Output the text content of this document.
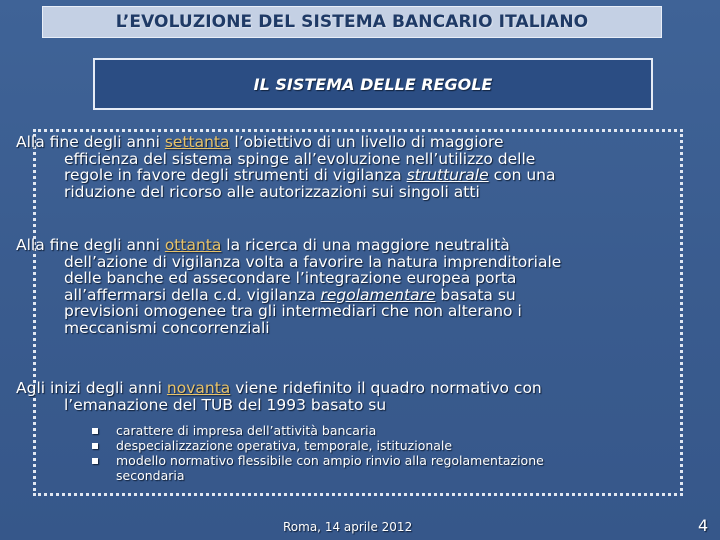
L’EVOLUZIONE DEL SISTEMA BANCARIO ITALIANO
IL SISTEMA DELLE REGOLE
Alla fine degli anni settanta l’obiettivo di un livello di maggiore
efficienza del sistema spinge all’evoluzione nell’utilizzo delle
regole in favore degli strumenti di vigilanza strutturale con una
riduzione del ricorso alle autorizzazioni sui singoli atti
Alla fine degli anni ottanta la ricerca di una maggiore neutralità
dell’azione di vigilanza volta a favorire la natura imprenditoriale
delle banche ed assecondare l’integrazione europea porta
all’affermarsi della c.d. vigilanza regolamentare basata su
previsioni omogenee tra gli intermediari che non alterano i
meccanismi concorrenziali
Agli inizi degli anni novanta viene ridefinito il quadro normativo con
l’emanazione del TUB del 1993 basato su
carattere di impresa dell’attività bancaria
despecializzazione operativa, temporale, istituzionale
modello normativo flessibile con ampio rinvio alla regolamentazione
secondaria
Roma, 14 aprile 2012	4
